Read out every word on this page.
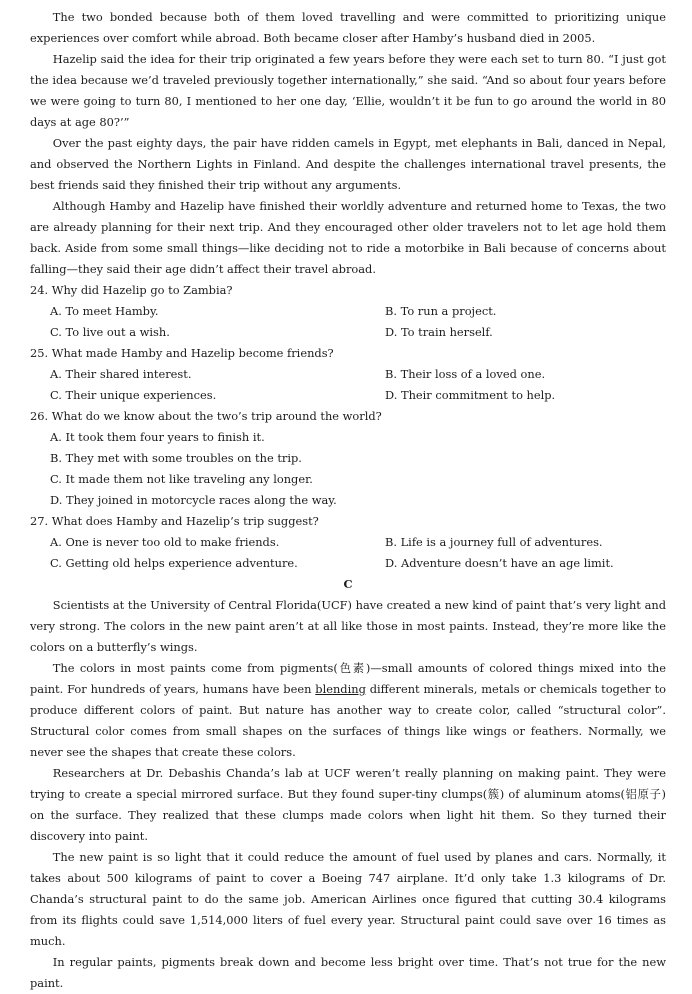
The two bonded because both of them loved travelling and were committed to prioritizing unique experiences over comfort while abroad. Both became closer after Hamby’s husband died in 2005.

Hazelip said the idea for their trip originated a few years before they were each set to turn 80. “I just got the idea because we’d traveled previously together internationally,” she said. “And so about four years before we were going to turn 80, I mentioned to her one day, ‘Ellie, wouldn’t it be fun to go around the world in 80 days at age 80?’”

Over the past eighty days, the pair have ridden camels in Egypt, met elephants in Bali, danced in Nepal, and observed the Northern Lights in Finland. And despite the challenges international travel presents, the best friends said they finished their trip without any arguments.

Although Hamby and Hazelip have finished their worldly adventure and returned home to Texas, the two are already planning for their next trip. And they encouraged other older travelers not to let age hold them back. Aside from some small things—like deciding not to ride a motorbike in Bali because of concerns about falling—they said their age didn’t affect their travel abroad.

24. Why did Hazelip go to Zambia?
A. To meet Hamby.	B. To run a project.
C. To live out a wish.	D. To train herself.
25. What made Hamby and Hazelip become friends?
A. Their shared interest.	B. Their loss of a loved one.
C. Their unique experiences.	D. Their commitment to help.
26. What do we know about the two’s trip around the world?
A. It took them four years to finish it.
B. They met with some troubles on the trip.
C. It made them not like traveling any longer.
D. They joined in motorcycle races along the way.
27. What does Hamby and Hazelip’s trip suggest?
A. One is never too old to make friends.	B. Life is a journey full of adventures.
C. Getting old helps experience adventure.	D. Adventure doesn’t have an age limit.
C

Scientists at the University of Central Florida(UCF) have created a new kind of paint that’s very light and very strong. The colors in the new paint aren’t at all like those in most paints. Instead, they’re more like the colors on a butterfly’s wings.

The colors in most paints come from pigments(色素)—small amounts of colored things mixed into the paint. For hundreds of years, humans have been blending different minerals, metals or chemicals together to produce different colors of paint. But nature has another way to create color, called “structural color”. Structural color comes from small shapes on the surfaces of things like wings or feathers. Normally, we never see the shapes that create these colors.

Researchers at Dr. Debashis Chanda’s lab at UCF weren’t really planning on making paint. They were trying to create a special mirrored surface. But they found super-tiny clumps(簇) of aluminum atoms(铝原子) on the surface. They realized that these clumps made colors when light hit them. So they turned their discovery into paint.

The new paint is so light that it could reduce the amount of fuel used by planes and cars. Normally, it takes about 500 kilograms of paint to cover a Boeing 747 airplane. It’d only take 1.3 kilograms of Dr. Chanda’s structural paint to do the same job. American Airlines once figured that cutting 30.4 kilograms from its flights could save 1,514,000 liters of fuel every year. Structural paint could save over 16 times as much.

In regular paints, pigments break down and become less bright over time. That’s not true for the new paint.
